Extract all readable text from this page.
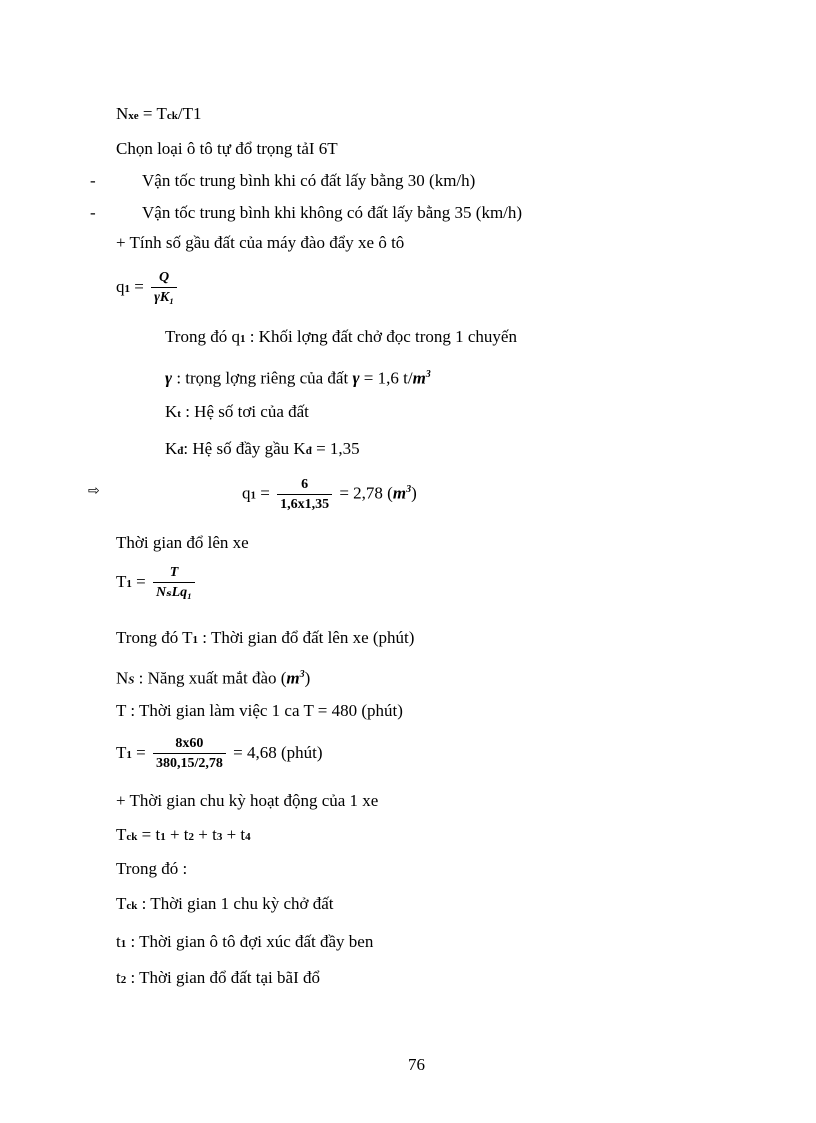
Nxe = Tck/T1
Chọn loại ô tô tự đổ trọng tảI 6T
-	Vận tốc trung bình khi có đất lấy bằng 30 (km/h)
-	Vận tốc trung bình khi không có đất lấy bằng 35 (km/h)
+ Tính số gầu đất của máy đào đẩy xe ô tô
$q1 = \frac{Q}{\text{γK₁}}$
Trong đó q1 : Khối lợng đất chở đọc trong 1 chuyến
γ : trọng lợng riêng của đất γ = 1,6 $t/m^3$
Kt : Hệ số tơi của đất
Kđ: Hệ số đầy gầu Kđ = 1,35
⇨	$q1 = \frac{6}{1,6x1,35} = 2,78$ $(m^3)$
Thời gian đổ lên xe
$T1 = \frac{T}{\text{NₛLq₁}}$
Trong đó T1 : Thời gian đổ đất lên xe (phút)
NS : Năng xuất mắt đào $(m^3)$
T : Thời gian làm việc 1 ca T = 480 (phút)
$T1 = \frac{8x60}{380,15/2,78} = 4,68$ (phút)
+ Thời gian chu kỳ hoạt động của 1 xe
Tck = t1 + t2 + t3 + t4
Trong đó :
Tck : Thời gian 1 chu kỳ chở đất
t1 : Thời gian ô tô đợi xúc đất đầy ben
t2 : Thời gian đổ đất tại bãI đổ
76
